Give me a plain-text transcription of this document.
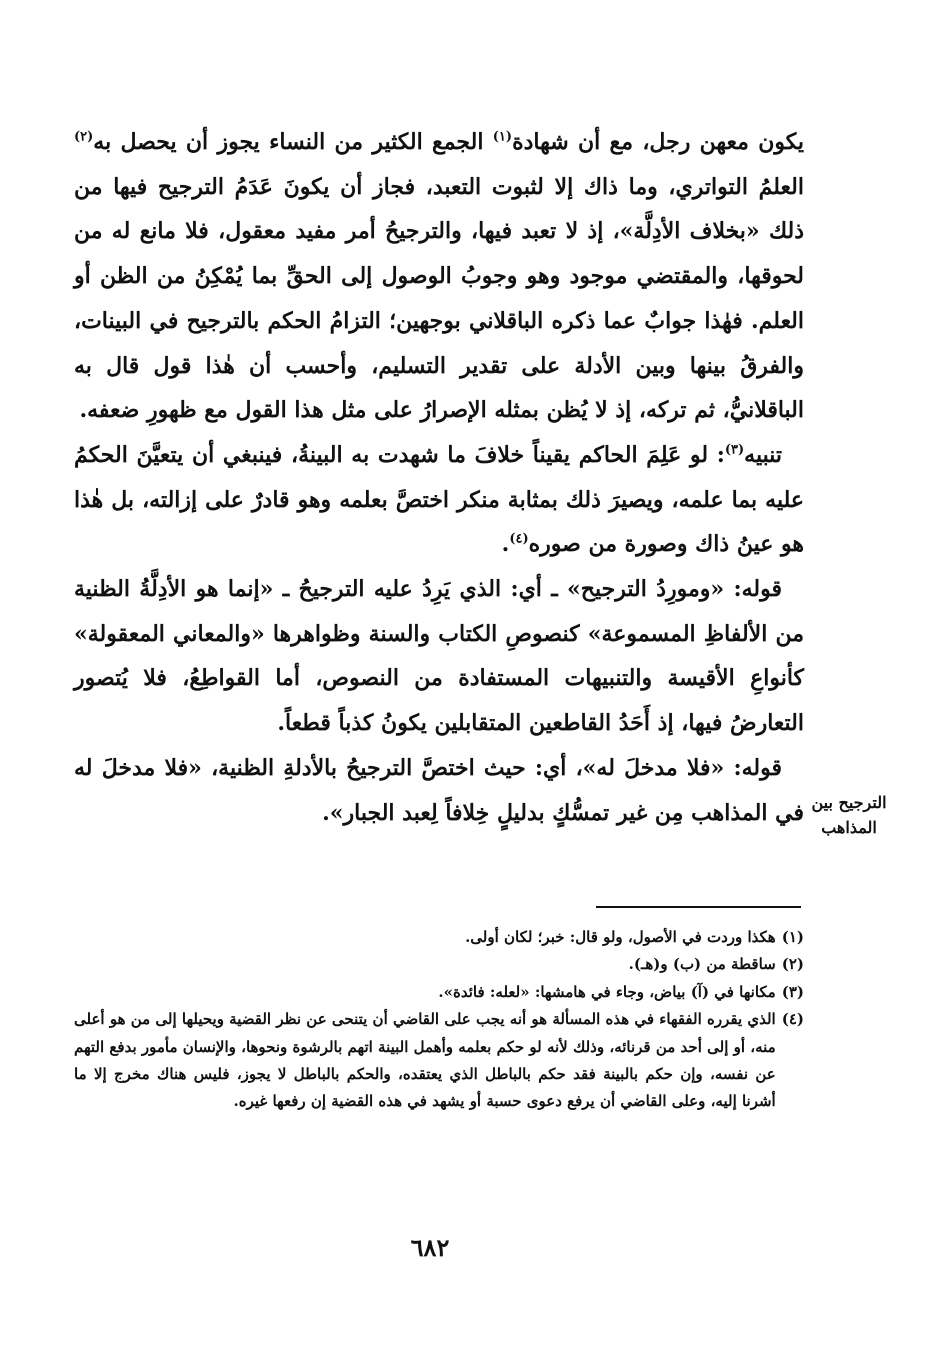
يكون معهن رجل، مع أن شهادة$^{(١)}$ الجمع الكثير من النساء يجوز أن يحصل به$^{(٢)}$ العلمُ التواتري، وما ذاك إلا لثبوت التعبد، فجاز أن يكونَ عَدَمُ الترجيح فيها من ذلك «بخلاف الأدِلَّة»، إذ لا تعبد فيها، والترجيحُ أمر مفيد معقول، فلا مانع له من لحوقها، والمقتضي موجود وهو وجوبُ الوصول إلى الحقِّ بما يُمْكِنُ من الظن أو العلم. فهٰذا جوابٌ عما ذكره الباقلاني بوجهين؛ التزامُ الحكم بالترجيح في البينات، والفرقُ بينها وبين الأدلة على تقدير التسليم، وأحسب أن هٰذا قول قال به الباقلانيُّ، ثم تركه، إذ لا يُظن بمثله الإصرارُ على مثل هذا القول مع ظهورِ ضعفه.

تنبيه$^{(٣)}$: لو عَلِمَ الحاكم يقيناً خلافَ ما شهدت به البينةُ، فينبغي أن يتعيَّنَ الحكمُ عليه بما علمه، ويصيرَ ذلك بمثابة منكر اختصَّ بعلمه وهو قادرٌ على إزالته، بل هٰذا هو عينُ ذاك وصورة من صوره$^{(٤)}$.

قوله: «ومورِدُ الترجيح» ـ أي: الذي يَرِدُ عليه الترجيحُ ـ «إنما هو الأدِلَّةُ الظنية من الألفاظِ المسموعة» كنصوصِ الكتاب والسنة وظواهرها «والمعاني المعقولة» كأنواعِ الأقيسة والتنبيهات المستفادة من النصوص، أما القواطِعُ، فلا يُتصور التعارضُ فيها، إذ أَحَدُ القاطعين المتقابلين يكونُ كذباً قطعاً.

قوله: «فلا مدخلَ له»، أي: حيث اختصَّ الترجيحُ بالأدلةِ الظنية، «فلا مدخلَ له في المذاهب مِن غير تمسُّكٍ بدليلٍ خِلافاً لِعبد الجبار». الترجيح بين
المذاهب
(١)
هكذا وردت في الأصول، ولو قال: خبر؛ لكان أولى.
(٢)
ساقطة من (ب) و(هـ).
(٣)
مكانها في (آ) بياض، وجاء في هامشها: «لعله: فائدة».
(٤)
الذي يقرره الفقهاء في هذه المسألة هو أنه يجب على القاضي أن يتنحى عن نظر القضية ويحيلها إلى من هو أعلى منه، أو إلى أحد من قرنائه، وذلك لأنه لو حكم بعلمه وأهمل البينة اتهم بالرشوة ونحوها، والإنسان مأمور بدفع التهم عن نفسه، وإن حكم بالبينة فقد حكم بالباطل الذي يعتقده، والحكم بالباطل لا يجوز، فليس هناك مخرج إلا ما أشرنا إليه، وعلى القاضي أن يرفع دعوى حسبة أو يشهد في هذه القضية إن رفعها غيره.
٦٨٢
